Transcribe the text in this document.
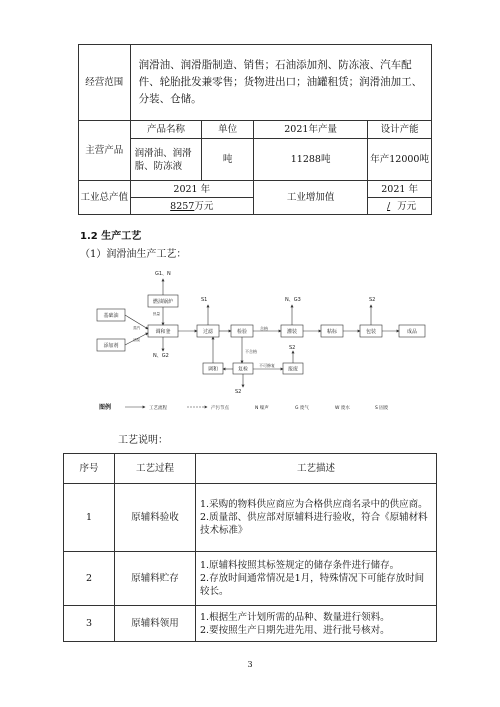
经营范围	润滑油、润滑脂制造、销售；石油添加剂、防冻液、汽车配件、轮胎批发兼零售；货物进出口；油罐租赁；润滑油加工、分装、仓储。			
主营产品	产品名称	单位	2021年产量	设计产能
	润滑油、润滑脂、防冻液	吨	11288吨	年产12000吨
工业总产值	2021 年		工业增加值	2021 年
	8257万元			/ 万元
1.2 生产工艺
（1）润滑油生产工艺：
基础油
添加剂
燃油锅炉
调和釜	过滤	检验	灌装	粘标	包装	成品
调和	复检	报废
G1、N
S1	N、G3	S2
S2
S2
N、G2
蒸汽
热量
合格
不合格
不可修复
油泵
图例	工艺流程	产污节点	N 噪声	G 废气	W 废水	S 固废
工艺说明：
序号	工艺过程	工艺描述
1	原辅料验收	1.采购的物料供应商应为合格供应商名录中的供应商。
2.质量部、供应部对原辅料进行验收，符合《原辅材料技术标准》

2	原辅料贮存	1.原辅料按照其标签规定的储存条件进行储存。
2.存放时间通常情况是1月，特殊情况下可能存放时间较长。

3	原辅料领用	1.根据生产计划所需的品种、数量进行领料。
2.要按照生产日期先进先用、进行批号核对。
3
